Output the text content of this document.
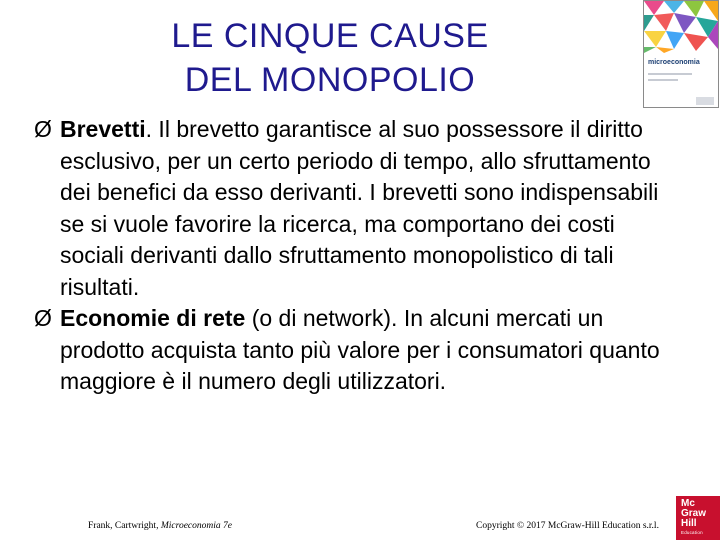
LE CINQUE CAUSE
DEL MONOPOLIO	microeconomia
Ø Brevetti. Il brevetto garantisce al suo possessore il diritto esclusivo, per un certo periodo di tempo, allo sfruttamento dei benefici da esso derivanti. I brevetti sono indispensabili se si vuole favorire la ricerca, ma comportano dei costi sociali derivanti dallo sfruttamento monopolistico di tali risultati.
Ø Economie di rete (o di network). In alcuni mercati un prodotto acquista tanto più valore per i consumatori quanto maggiore è il numero degli utilizzatori.
Frank, Cartwright, Microeconomia 7e	Copyright © 2017 McGraw-Hill Education s.r.l.
Mc
Graw
Hill
Education
